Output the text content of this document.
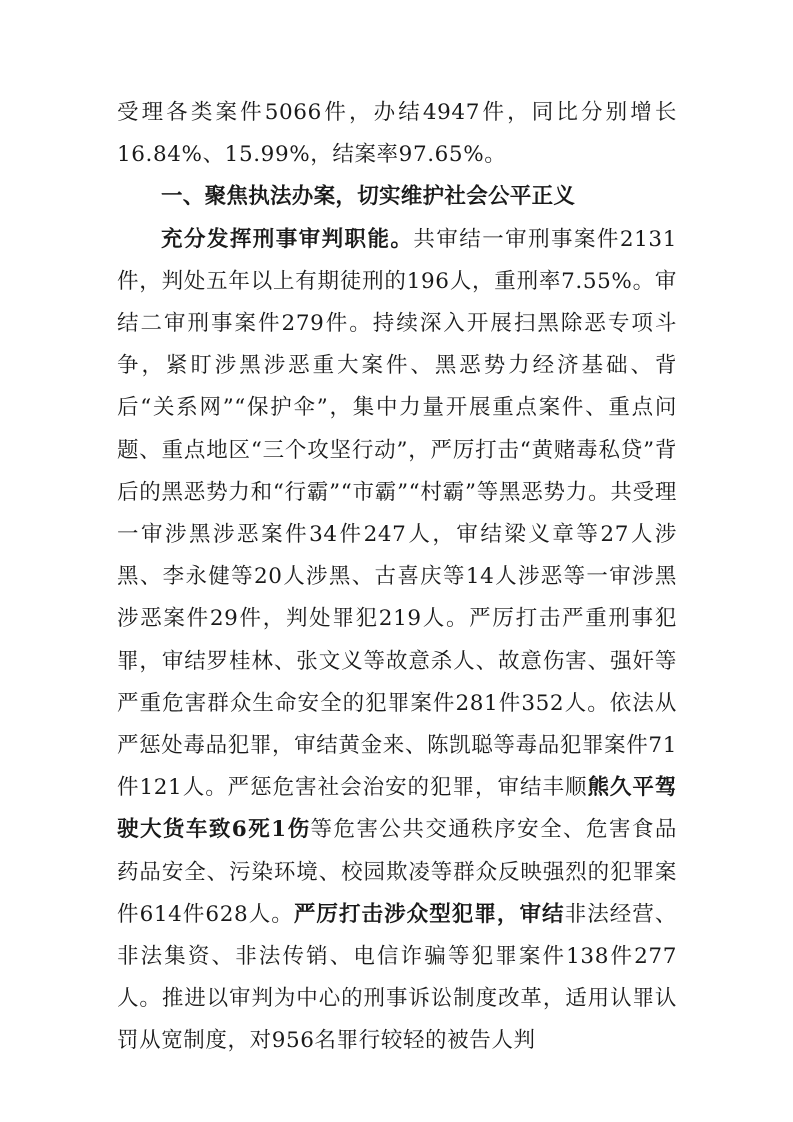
受理各类案件5066件，办结4947件，同比分别增长16.84%、15.99%，结案率97.65%。

一、聚焦执法办案，切实维护社会公平正义

充分发挥刑事审判职能。共审结一审刑事案件2131件，判处五年以上有期徒刑的196人，重刑率7.55%。审结二审刑事案件279件。持续深入开展扫黑除恶专项斗争，紧盯涉黑涉恶重大案件、黑恶势力经济基础、背后“关系网”“保护伞”，集中力量开展重点案件、重点问题、重点地区“三个攻坚行动”，严厉打击“黄赌毒私贷”背后的黑恶势力和“行霸”“市霸”“村霸”等黑恶势力。共受理一审涉黑涉恶案件34件247人，审结梁义章等27人涉黑、李永健等20人涉黑、古喜庆等14人涉恶等一审涉黑涉恶案件29件，判处罪犯219人。严厉打击严重刑事犯罪，审结罗桂林、张文义等故意杀人、故意伤害、强奸等严重危害群众生命安全的犯罪案件281件352人。依法从严惩处毒品犯罪，审结黄金来、陈凯聪等毒品犯罪案件71件121人。严惩危害社会治安的犯罪，审结丰顺熊久平驾驶大货车致6死1伤等危害公共交通秩序安全、危害食品药品安全、污染环境、校园欺凌等群众反映强烈的犯罪案件614件628人。严厉打击涉众型犯罪，审结非法经营、非法集资、非法传销、电信诈骗等犯罪案件138件277人。推进以审判为中心的刑事诉讼制度改革，适用认罪认罚从宽制度，对956名罪行较轻的被告人判
